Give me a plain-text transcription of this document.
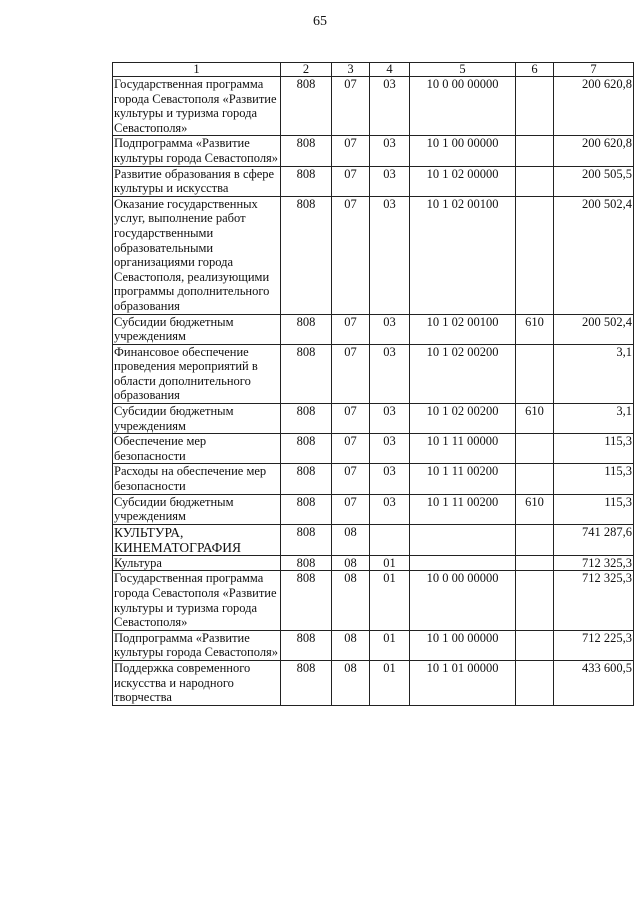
65
1	2	3	4	5	6	7
Государственная программа города Севастополя «Развитие культуры и туризма города Севастополя»	808	07	03	10 0 00 00000		200 620,8
Подпрограмма «Развитие культуры города Севастополя»	808	07	03	10 1 00 00000		200 620,8
Развитие образования в сфере культуры и искусства	808	07	03	10 1 02 00000		200 505,5
Оказание государственных услуг, выполнение работ государственными образовательными организациями города Севастополя, реализующими программы дополнительного образования	808	07	03	10 1 02 00100		200 502,4
Субсидии бюджетным учреждениям	808	07	03	10 1 02 00100	610	200 502,4
Финансовое обеспечение проведения мероприятий в области дополнительного образования	808	07	03	10 1 02 00200		3,1
Субсидии бюджетным учреждениям	808	07	03	10 1 02 00200	610	3,1
Обеспечение мер безопасности	808	07	03	10 1 11 00000		115,3
Расходы на обеспечение мер безопасности	808	07	03	10 1 11 00200		115,3
Субсидии бюджетным учреждениям	808	07	03	10 1 11 00200	610	115,3
КУЛЬТУРА, КИНЕМАТОГРАФИЯ	808	08				741 287,6
Культура	808	08	01			712 325,3
Государственная программа города Севастополя «Развитие культуры и туризма города Севастополя»	808	08	01	10 0 00 00000		712 325,3
Подпрограмма «Развитие культуры города Севастополя»	808	08	01	10 1 00 00000		712 225,3
Поддержка современного искусства и народного творчества	808	08	01	10 1 01 00000		433 600,5
